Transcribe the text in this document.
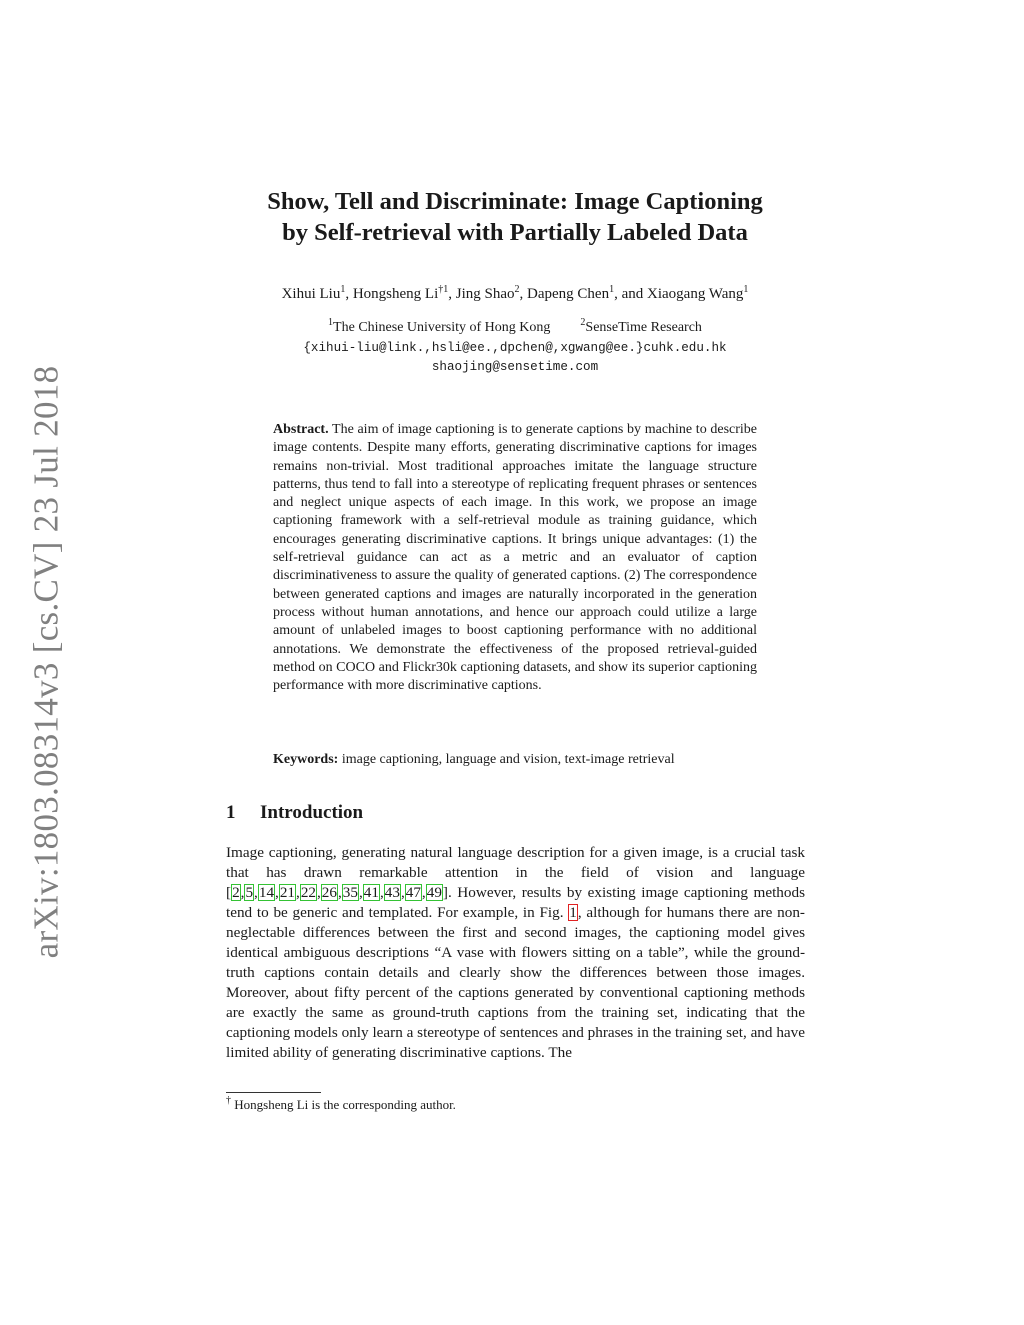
arXiv:1803.08314v3 [cs.CV] 23 Jul 2018
Show, Tell and Discriminate: Image Captioning
by Self-retrieval with Partially Labeled Data
Xihui Liu$^1$, Hongsheng Li$^{\dagger 1}$, Jing Shao$^2$, Dapeng Chen$^1$, and Xiaogang Wang$^1$
$^1$The Chinese University of Hong Kong	$^2$SenseTime Research
{xihui-liu@link.,hsli@ee.,dpchen@,xgwang@ee.}cuhk.edu.hk
shaojing@sensetime.com
Abstract. The aim of image captioning is to generate captions by machine to describe image contents. Despite many efforts, generating discriminative captions for images remains non-trivial. Most traditional approaches imitate the language structure patterns, thus tend to fall into a stereotype of replicating frequent phrases or sentences and neglect unique aspects of each image. In this work, we propose an image captioning framework with a self-retrieval module as training guidance, which encourages generating discriminative captions. It brings unique advantages: (1) the self-retrieval guidance can act as a metric and an evaluator of caption discriminativeness to assure the quality of generated captions. (2) The correspondence between generated captions and images are naturally incorporated in the generation process without human annotations, and hence our approach could utilize a large amount of unlabeled images to boost captioning performance with no additional annotations. We demonstrate the effectiveness of the proposed retrieval-guided method on COCO and Flickr30k captioning datasets, and show its superior captioning performance with more discriminative captions.
Keywords: image captioning, language and vision, text-image retrieval
1 Introduction

Image captioning, generating natural language description for a given image, is a crucial task that has drawn remarkable attention in the field of vision and language [2,5,14,21,22,26,35,41,43,47,49]. However, results by existing image captioning methods tend to be generic and templated. For example, in Fig. 1, although for humans there are non-neglectable differences between the first and second images, the captioning model gives identical ambiguous descriptions “A vase with flowers sitting on a table”, while the ground-truth captions contain details and clearly show the differences between those images. Moreover, about fifty percent of the captions generated by conventional captioning methods are exactly the same as ground-truth captions from the training set, indicating that the captioning models only learn a stereotype of sentences and phrases in the training set, and have limited ability of generating discriminative captions. The

† Hongsheng Li is the corresponding author.
